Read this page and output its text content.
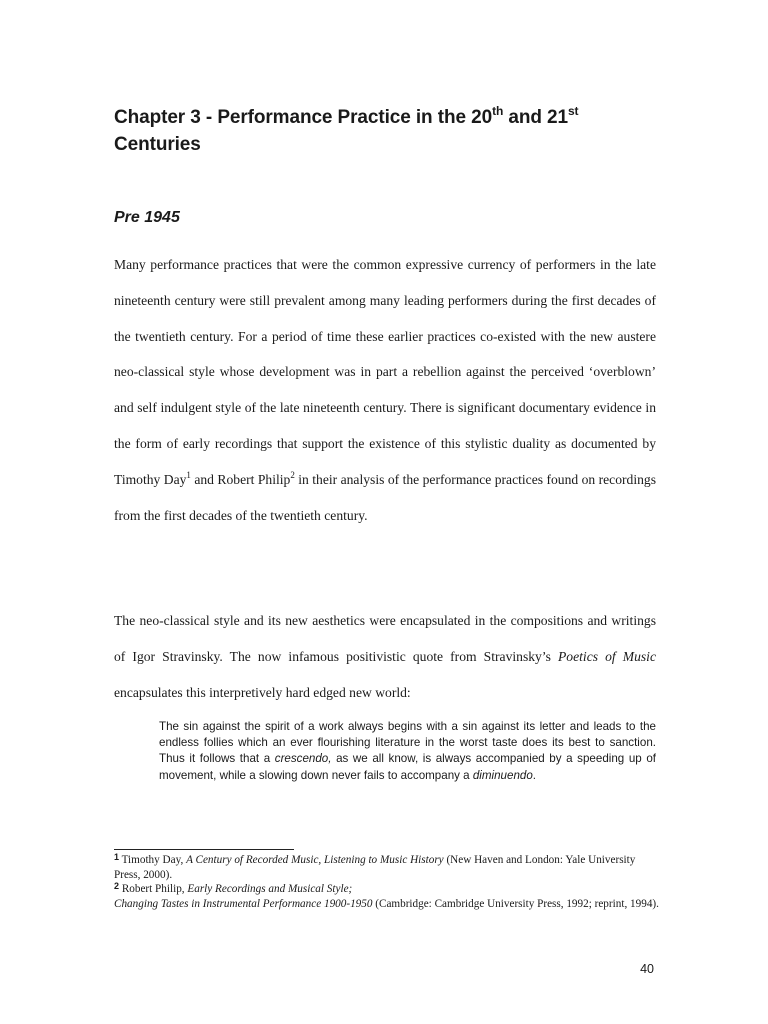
Chapter 3 - Performance Practice in the 20th and 21st
Centuries
Pre 1945

Many performance practices that were the common expressive currency of performers in the late nineteenth century were still prevalent among many leading performers during the first decades of the twentieth century. For a period of time these earlier practices co-existed with the new austere neo-classical style whose development was in part a rebellion against the perceived ‘overblown’ and self indulgent style of the late nineteenth century. There is significant documentary evidence in the form of early recordings that support the existence of this stylistic duality as documented by Timothy Day$^1$ and Robert Philip$^2$ in their analysis of the performance practices found on recordings from the first decades of the twentieth century.

The neo-classical style and its new aesthetics were encapsulated in the compositions and writings of Igor Stravinsky. The now infamous positivistic quote from Stravinsky’s Poetics of Music encapsulates this interpretively hard edged new world:

The sin against the spirit of a work always begins with a sin against its letter and leads to the endless follies which an ever flourishing literature in the worst taste does its best to sanction. Thus it follows that a crescendo, as we all know, is always accompanied by a speeding up of movement, while a slowing down never fails to accompany a diminuendo.

$^1$ Timothy Day, A Century of Recorded Music, Listening to Music History (New Haven and London: Yale University Press, 2000).

$^2$ Robert Philip, Early Recordings and Musical Style;
Changing Tastes in Instrumental Performance 1900-1950 (Cambridge: Cambridge University Press, 1992; reprint, 1994).

40
